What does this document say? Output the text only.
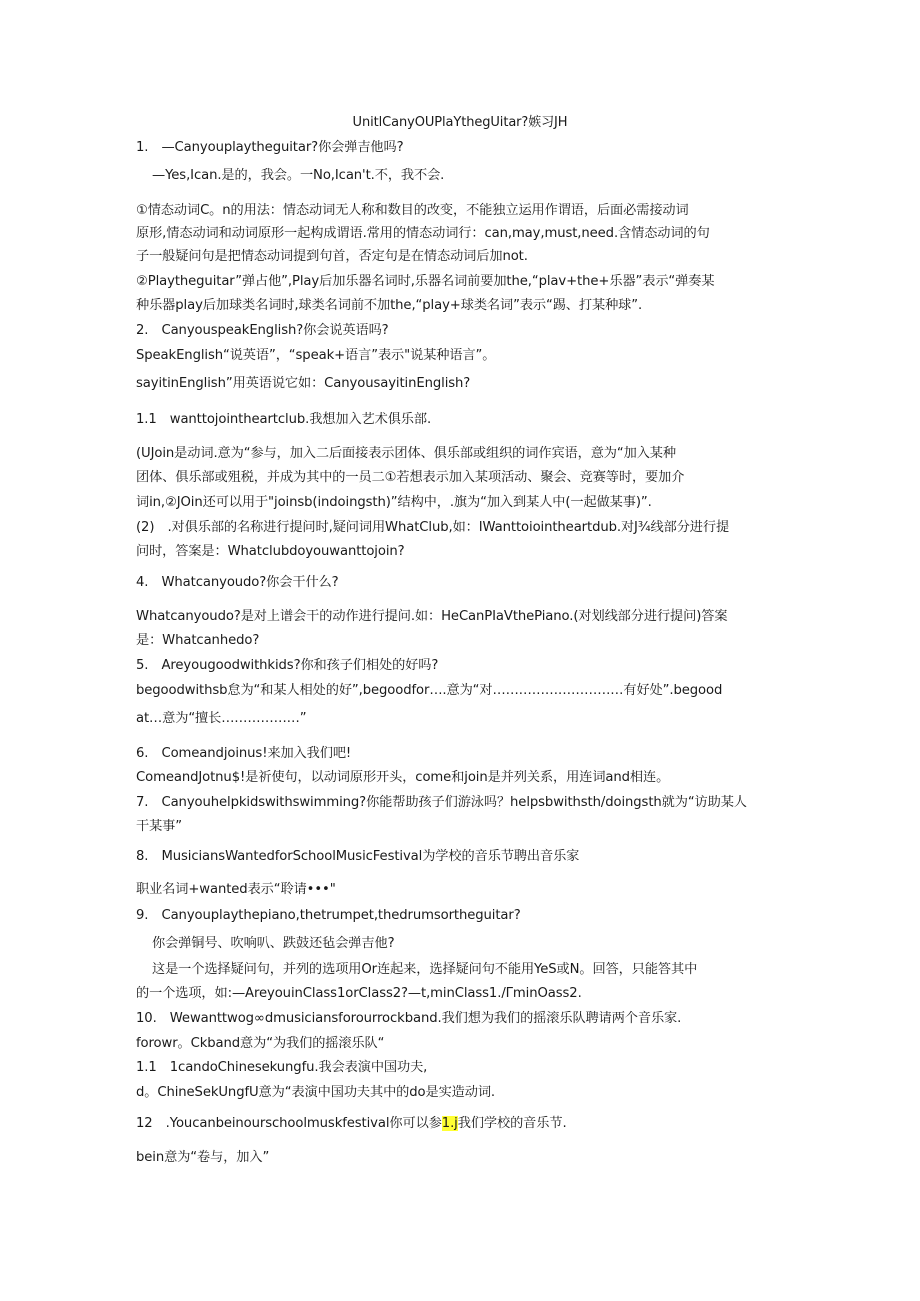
UnitlCanyOUPlaYthegUitar?嫉习JH
1.　—Canyouplaytheguitar?你会弹吉他吗?
—Yes,Ican.是的，我会。一No,Ican't.不，我不会.
①情态动词C。n的用法：情态动词无人称和数目的改变，不能独立运用作谓语，后面必需接动词
原形,情态动词和动词原形一起构成谓语.常用的情态动词行：can,may,must,need.含情态动词的句
子一般疑问句是把情态动词提到句首，否定句是在情态动词后加not.
②Playtheguitar”弹占他”,Play后加乐器名词时,乐器名词前要加the,“plav+the+乐器”表示“弹奏某
种乐器play后加球类名词时,球类名词前不加the,“play+球类名词”表示“踢、打某种球”.
2.　CanyouspeakEnglish?你会说英语吗?
SpeakEnglish“说英语”，“speak+语言”表示"说某种语言”。
sayitinEnglish”用英语说它如：CanyousayitinEnglish?
1.1　wanttojointheartclub.我想加入艺术俱乐部.
(UJoin是动词.意为“参与，加入二后面接表示团体、俱乐部或组织的词作宾语，意为“加入某种
团体、俱乐部或殂税，并成为其中的一员二①若想表示加入某项活动、聚会、竞赛等时，要加介
词in,②JOin还可以用于"joinsb(indoingsth)”结构中，.旗为“加入到某人中(一起做某事)”.
(2)　.对俱乐部的名称进行提问时,疑问词用WhatClub,如：IWanttoiointheartdub.对J¾线部分进行提
问时，答案是：Whatclubdoyouwanttojoin?
4.　Whatcanyoudo?你会干什么?
Whatcanyoudo?是对上谱会干的动作进行提问.如：HeCanPIaVthePiano.(对划线部分进行提问)答案
是：Whatcanhedo?
5.　Areyougoodwithkids?你和孩子们相处的好吗?
begoodwithsb怠为“和某人相处的好”,begoodfor….意为“对…………………………有好处”.begood
at…意为“擅长………………”
6.　Comeandjoinus!来加入我们吧!
ComeandJotnu$!是祈使句，以动词原形开头，come和join是并列关系，用连词and相连。
7.　Canyouhelpkidswithswimming?你能帮助孩子们游泳吗？helpsbwithsth/doingsth就为“访助某人
干某事”
8.　MusiciansWantedforSchoolMusicFestival为学校的音乐节聘出音乐家
职业名词+wanted表示“聆请•••"
9.　Canyouplaythepiano,thetrumpet,thedrumsortheguitar?
你会弹铜号、吹响叭、跌鼓还毡会弹吉他?
这是一个选择疑问句，并列的选项用Or连起来，选择疑问句不能用YeS或N。回答，只能答其中
的一个选项，如:—AreyouinClass1orClass2?—t,minClass1./ΓminOass2.
10.　Wewanttwog∞dmusiciansforourrockband.我们想为我们的摇滚乐队聘请两个音乐家.
forowr。Ckband意为“为我们的摇滚乐队“
1.1　1candoChinesekungfu.我会表演中国功夫,
d。ChineSekUngfU意为“表演中国功夫其中的do是实造动词.
12　.Youcanbeinourschoolmuskfestival你可以参1.j我们学校的音乐节.
bein意为“卷与，加入”
